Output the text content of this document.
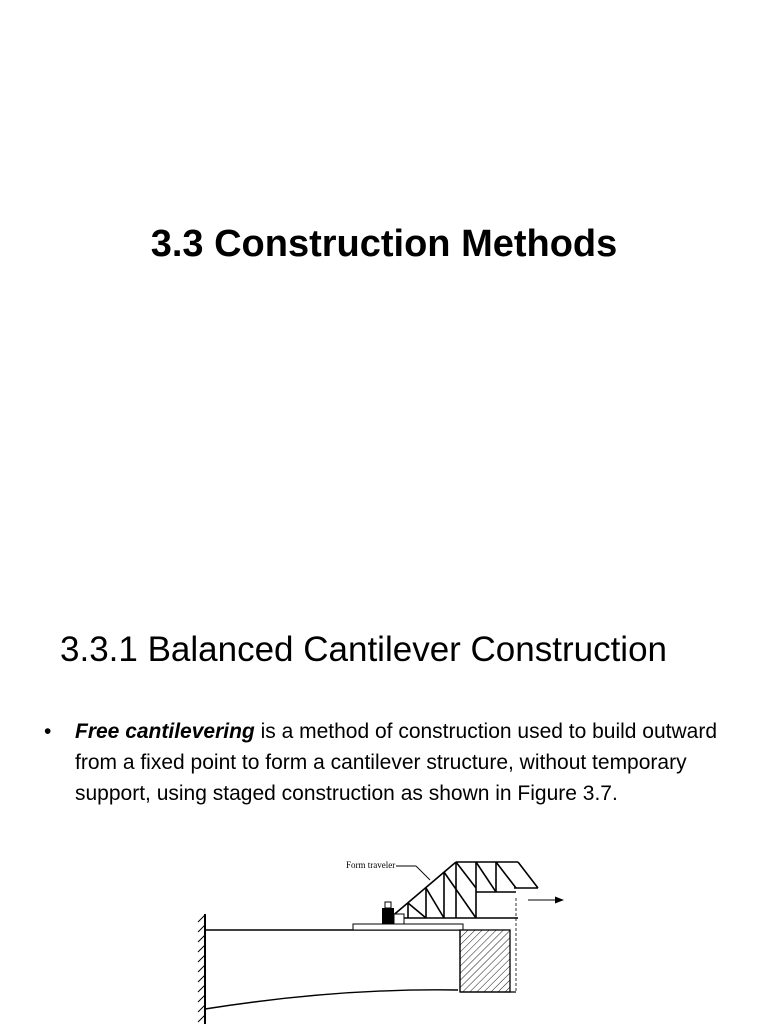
3.3 Construction Methods
3.3.1 Balanced Cantilever Construction
• Free cantilevering is a method of construction used to build outward from a fixed point to form a cantilever structure, without temporary support, using staged construction as shown in Figure 3.7.
Form traveler
